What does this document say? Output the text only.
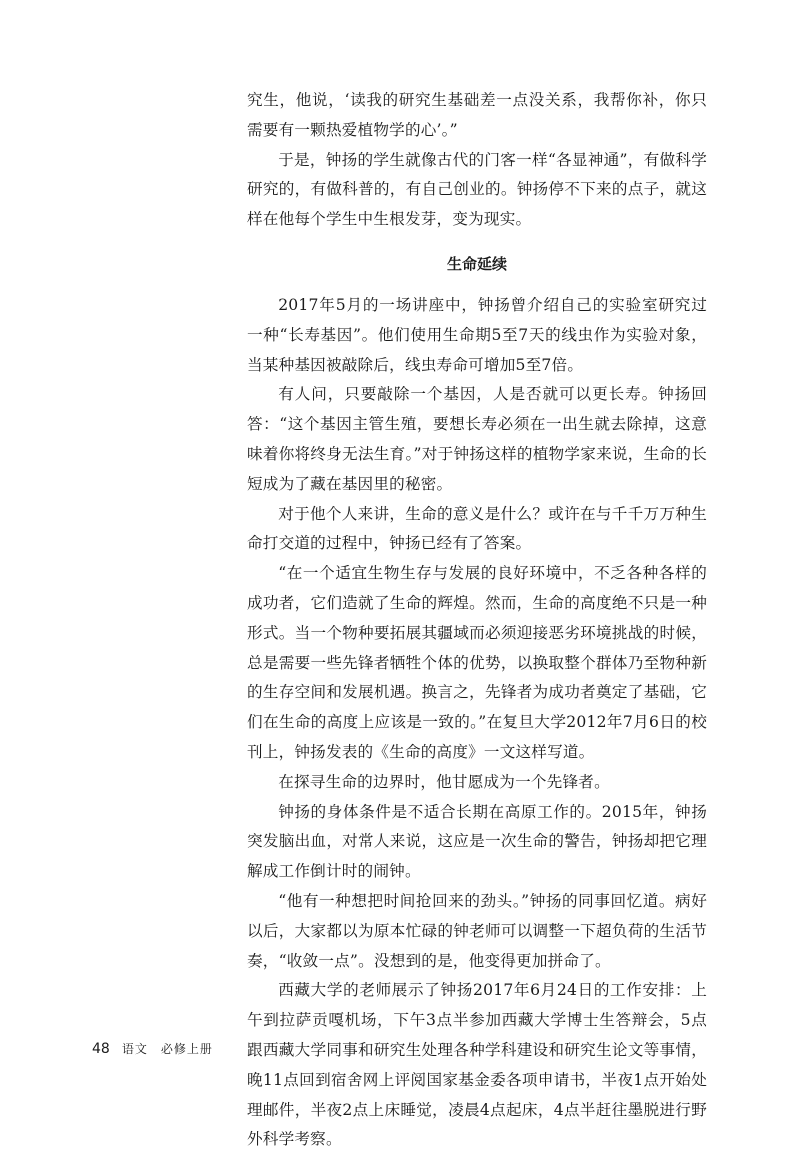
究生，他说，‘读我的研究生基础差一点没关系，我帮你补，你只需要有一颗热爱植物学的心’。”

于是，钟扬的学生就像古代的门客一样“各显神通”，有做科学研究的，有做科普的，有自己创业的。钟扬停不下来的点子，就这样在他每个学生中生根发芽，变为现实。

生命延续

2017年5月的一场讲座中，钟扬曾介绍自己的实验室研究过一种“长寿基因”。他们使用生命期5至7天的线虫作为实验对象，当某种基因被敲除后，线虫寿命可增加5至7倍。

有人问，只要敲除一个基因，人是否就可以更长寿。钟扬回答：“这个基因主管生殖，要想长寿必须在一出生就去除掉，这意味着你将终身无法生育。”对于钟扬这样的植物学家来说，生命的长短成为了藏在基因里的秘密。

对于他个人来讲，生命的意义是什么？或许在与千千万万种生命打交道的过程中，钟扬已经有了答案。

“在一个适宜生物生存与发展的良好环境中，不乏各种各样的成功者，它们造就了生命的辉煌。然而，生命的高度绝不只是一种形式。当一个物种要拓展其疆域而必须迎接恶劣环境挑战的时候，总是需要一些先锋者牺牲个体的优势，以换取整个群体乃至物种新的生存空间和发展机遇。换言之，先锋者为成功者奠定了基础，它们在生命的高度上应该是一致的。”在复旦大学2012年7月6日的校刊上，钟扬发表的《生命的高度》一文这样写道。

在探寻生命的边界时，他甘愿成为一个先锋者。

钟扬的身体条件是不适合长期在高原工作的。2015年，钟扬突发脑出血，对常人来说，这应是一次生命的警告，钟扬却把它理解成工作倒计时的闹钟。

“他有一种想把时间抢回来的劲头。”钟扬的同事回忆道。病好以后，大家都以为原本忙碌的钟老师可以调整一下超负荷的生活节奏，“收敛一点”。没想到的是，他变得更加拼命了。

西藏大学的老师展示了钟扬2017年6月24日的工作安排：上午到拉萨贡嘎机场，下午3点半参加西藏大学博士生答辩会，5点跟西藏大学同事和研究生处理各种学科建设和研究生论文等事情，晚11点回到宿舍网上评阅国家基金委各项申请书，半夜1点开始处理邮件，半夜2点上床睡觉，凌晨4点起床，4点半赶往墨脱进行野外科学考察。

48 语文　必修上册
